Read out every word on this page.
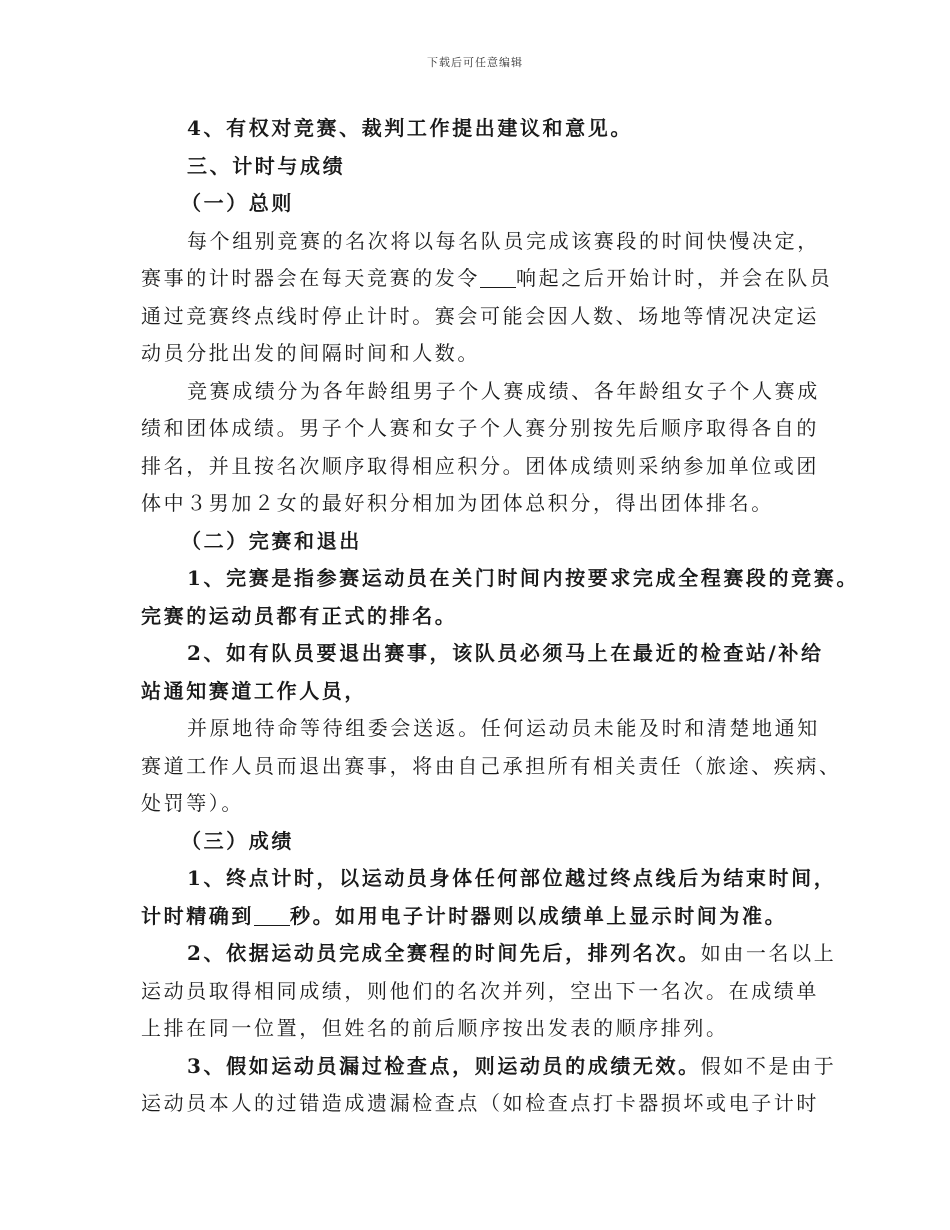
下载后可任意编辑
4、有权对竞赛、裁判工作提出建议和意见。
三、计时与成绩
（一）总则
每个组别竞赛的名次将以每名队员完成该赛段的时间快慢决定，
赛事的计时器会在每天竞赛的发令 响起之后开始计时，并会在队员
通过竞赛终点线时停止计时。赛会可能会因人数、场地等情况决定运
动员分批出发的间隔时间和人数。
竞赛成绩分为各年龄组男子个人赛成绩、各年龄组女子个人赛成
绩和团体成绩。男子个人赛和女子个人赛分别按先后顺序取得各自的
排名，并且按名次顺序取得相应积分。团体成绩则采纳参加单位或团
体中３男加２女的最好积分相加为团体总积分，得出团体排名。
（二）完赛和退出
1、完赛是指参赛运动员在关门时间内按要求完成全程赛段的竞赛。
完赛的运动员都有正式的排名。
2、如有队员要退出赛事，该队员必须马上在最近的检查站/补给
站通知赛道工作人员，
并原地待命等待组委会送返。任何运动员未能及时和清楚地通知
赛道工作人员而退出赛事，将由自己承担所有相关责任（旅途、疾病、
处罚等）。
（三）成绩
1、终点计时，以运动员身体任何部位越过终点线后为结束时间，
计时精确到 秒。如用电子计时器则以成绩单上显示时间为准。
2、依据运动员完成全赛程的时间先后，排列名次。如由一名以上
运动员取得相同成绩，则他们的名次并列，空出下一名次。在成绩单
上排在同一位置，但姓名的前后顺序按出发表的顺序排列。
3、假如运动员漏过检查点，则运动员的成绩无效。假如不是由于
运动员本人的过错造成遗漏检查点（如检查点打卡器损坏或电子计时
